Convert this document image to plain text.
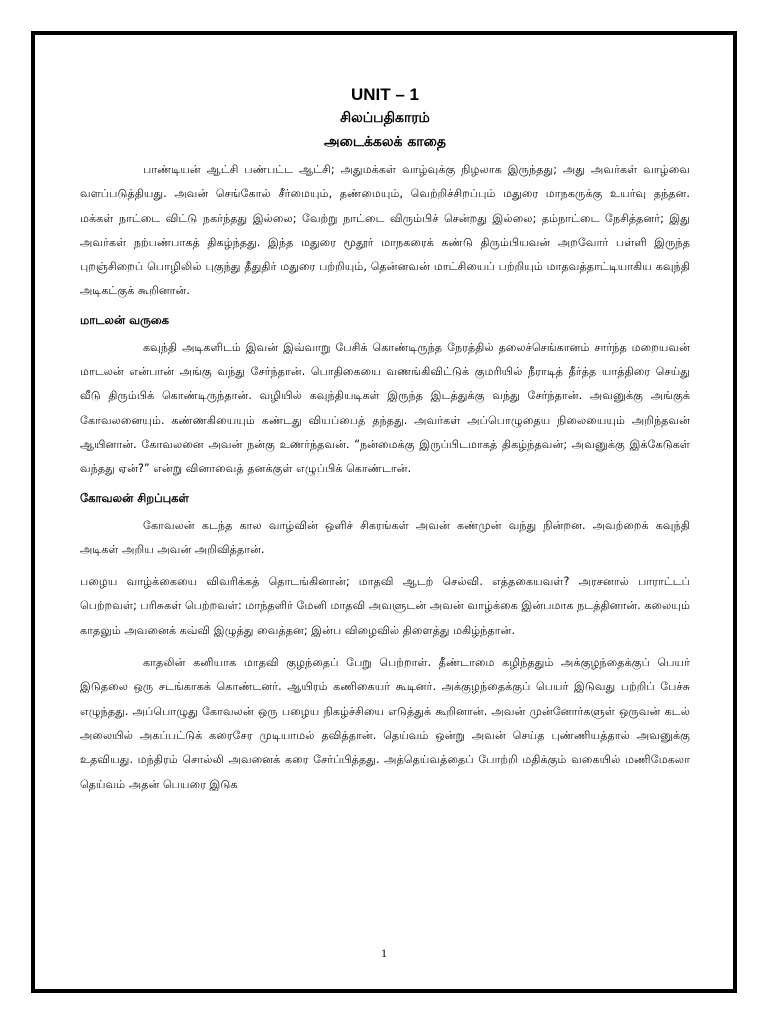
UNIT – 1

சிலப்பதிகாரம்

அடைக்கலக் காதை

பாண்டியன் ஆட்சி பண்பட்ட ஆட்சி; அதுமக்கள் வாழ்வுக்கு நிழலாக இருந்தது; அது அவர்கள் வாழ்வை வளப்படுத்தியது. அவன் செங்கோல் சீர்மையும், தண்மையும், வெற்றிச்சிறப்பும் மதுரை மாநகருக்கு உயர்வு தந்தன. மக்கள் நாட்டை விட்டு நகர்ந்தது இல்லை; வேற்று நாட்டை விரும்பிச் சென்றது இல்லை; தம்நாட்டை நேசித்தனர்; இது அவர்கள் நற்பண்பாகத் திகழ்ந்தது. இந்த மதுரை மூதூர் மாநகரைக் கண்டு திரும்பியவன் அறவோர் பள்ளி இருந்த புறஞ்சிறைப் பொழிலில் புகுந்து தீதுதிர் மதுரை பற்றியும், தென்னவன் மாட்சியைப் பற்றியும் மாதவத்தாட்டியாகிய கவுந்தி அடிகட்குக் கூறினான்.

மாடலன் வருகை

கவுந்தி அடிகளிடம் இவன் இவ்வாறு பேசிக் கொண்டிருந்த நேரத்தில் தலைச்செங்கானம் சார்ந்த மறையவன் மாடலன் என்பான் அங்கு வந்து சேர்ந்தான். பொதிகையை வணங்கிவிட்டுக் குமரியில் நீராடித் தீர்த்த யாத்திரை செய்து வீடு திரும்பிக் கொண்டிருந்தான். வழியில் கவுந்தியடிகள் இருந்த இடத்துக்கு வந்து சேர்ந்தான். அவனுக்கு அங்குக் கோவலனையும். கண்ணகியையும் கண்டது வியப்பைத் தந்தது. அவர்கள் அப்பொழுதைய நிலையையும் அறிந்தவன் ஆயினான். கோவலனை அவன் நன்கு உணர்ந்தவன். “நன்மைக்கு இருப்பிடமாகத் திகழ்ந்தவன்; அவனுக்கு இக்கேடுகள் வந்தது ஏன்?” என்று வினாவைத் தனக்குள் எழுப்பிக் கொண்டான்.

கோவலன் சிறப்புகள்

கோவலன் கடந்த கால வாழ்வின் ஒளிச் சிகரங்கள் அவன் கண்முன் வந்து நின்றன. அவற்றைக் கவுந்தி அடிகள் அறிய அவன் அறிவித்தான்.

பழைய வாழ்க்கையை விவரிக்கத் தொடங்கினான்; மாதவி ஆடற் செல்வி. எத்தகையவள்? அரசனால் பாராட்டப் பெற்றவள்; பரிசுகள் பெற்றவள்: மாந்தளிர் மேனி மாதவி அவளுடன் அவன் வாழ்க்கை இன்பமாக நடத்தினான். கலையும் காதலும் அவனைக் கவ்வி இழுத்து வைத்தன; இன்ப விழைவில் திளைத்து மகிழ்ந்தான்.

காதலின் கனியாக மாதவி குழந்தைப் பேறு பெற்றாள். தீண்டாமை கழிந்ததும் அக்குழந்தைக்குப் பெயர் இடுதலை ஒரு சடங்காகக் கொண்டனர். ஆயிரம் கணிகையர் கூடினர். அக்குழந்தைக்குப் பெயர் இடுவது பற்றிப் பேச்சு எழுந்தது. அப்பொழுது கோவலன் ஒரு பழைய நிகழ்ச்சியை எடுத்துக் கூறினான். அவன் முன்னோர்களுள் ஒருவன் கடல் அலையில் அகப்பட்டுக் கரைசேர முடியாமல் தவித்தான். தெய்வம் ஒன்று அவன் செய்த புண்ணியத்தால் அவனுக்கு உதவியது. மந்திரம் சொல்லி அவனைக் கரை சேர்ப்பித்தது. அத்தெய்வத்தைப் போற்றி மதிக்கும் வகையில் மணிமேகலா தெய்வம் அதன் பெயரை இடுக

1
